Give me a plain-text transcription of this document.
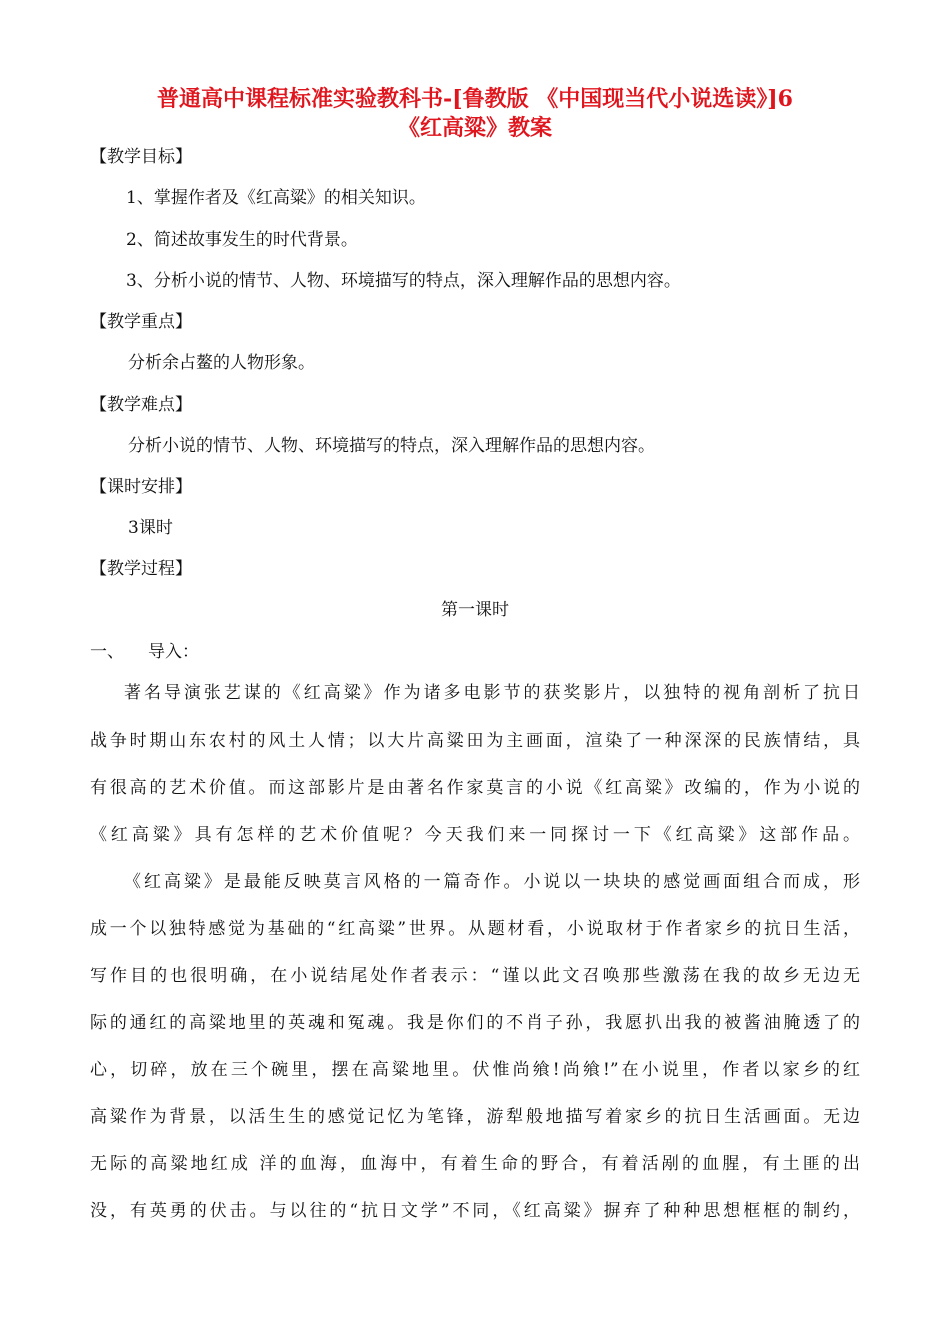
普通高中课程标准实验教科书-[鲁教版 《中国现当代小说选读》]6
《红高粱》教案
【教学目标】
1、掌握作者及《红高粱》的相关知识。
2、简述故事发生的时代背景。
3、分析小说的情节、人物、环境描写的特点，深入理解作品的思想内容。
【教学重点】
分析余占鳌的人物形象。
【教学难点】
分析小说的情节、人物、环境描写的特点，深入理解作品的思想内容。
【课时安排】
3课时
【教学过程】
第一课时
一、 导入：
著名导演张艺谋的《红高粱》作为诸多电影节的获奖影片，以独特的视角剖析了抗日
战争时期山东农村的风土人情；以大片高粱田为主画面，渲染了一种深深的民族情结，具
有很高的艺术价值。而这部影片是由著名作家莫言的小说《红高粱》改编的，作为小说的
《红高粱》具有怎样的艺术价值呢？今天我们来一同探讨一下《红高粱》这部作品。
《红高粱》是最能反映莫言风格的一篇奇作。小说以一块块的感觉画面组合而成，形
成一个以独特感觉为基础的“红高粱”世界。从题材看，小说取材于作者家乡的抗日生活，
写作目的也很明确，在小说结尾处作者表示：“谨以此文召唤那些激荡在我的故乡无边无
际的通红的高粱地里的英魂和冤魂。我是你们的不肖子孙，我愿扒出我的被酱油腌透了的
心，切碎，放在三个碗里，摆在高粱地里。伏惟尚飨!尚飨!”在小说里，作者以家乡的红
高粱作为背景，以活生生的感觉记忆为笔锋，游犁般地描写着家乡的抗日生活画面。无边
无际的高粱地红成 洋的血海，血海中，有着生命的野合，有着活剐的血腥，有土匪的出
没，有英勇的伏击。与以往的“抗日文学”不同，《红高粱》摒弃了种种思想框框的制约，
